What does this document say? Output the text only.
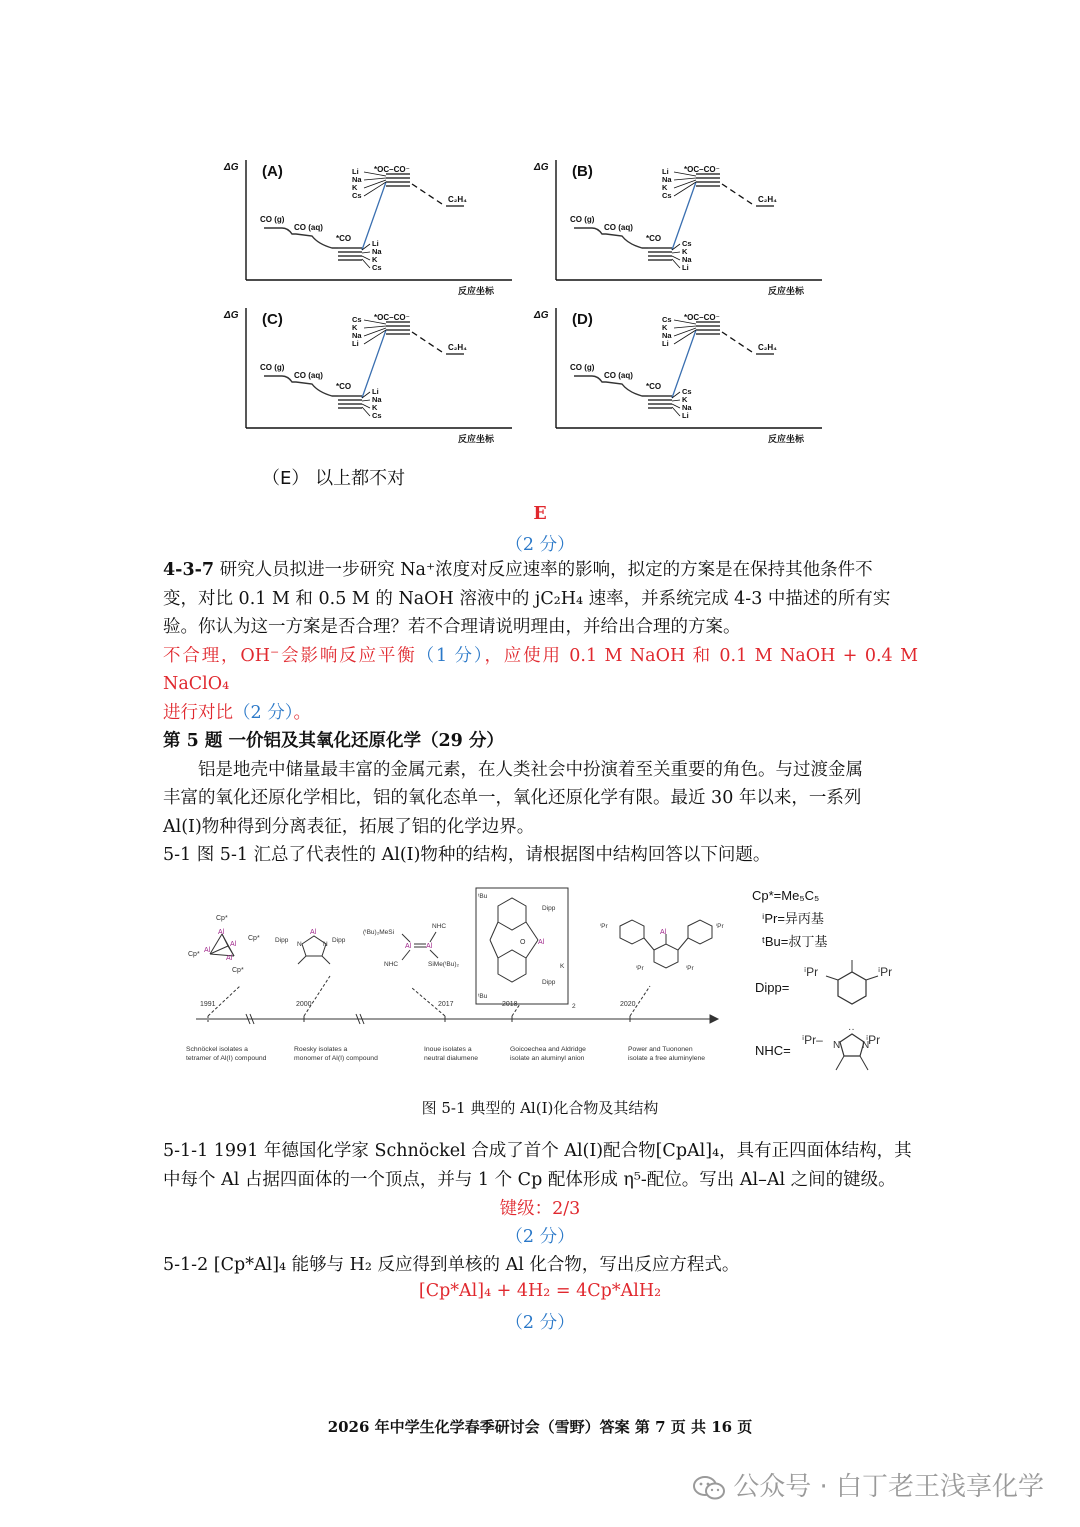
ΔG (A)
CO (g)
CO (aq)
*CO
*OC–CO⁻
C₂H₄
反应坐标
Li
Na
K
Cs
Li
Na
K
Cs
ΔG (B)
CO (g)
CO (aq)
*CO
*OC–CO⁻
C₂H₄
反应坐标
Li
Na
K
Cs
Cs
K
Na
Li
ΔG (C)
CO (g)
CO (aq)
*CO
*OC–CO⁻
C₂H₄
反应坐标
Cs
K
Na
Li
Li
Na
K
Cs
ΔG (D)
CO (g)
CO (aq)
*CO
*OC–CO⁻
C₂H₄
反应坐标
Cs
K
Na
Li
Cs
K
Na
Li
（E） 以上都不对
E
（2 分）
4-3-7 研究人员拟进一步研究 Na⁺浓度对反应速率的影响，拟定的方案是在保持其他条件不
变，对比 0.1 M 和 0.5 M 的 NaOH 溶液中的 jC₂H₄ 速率，并系统完成 4-3 中描述的所有实
验。你认为这一方案是否合理？若不合理请说明理由，并给出合理的方案。
不合理，OH⁻会影响反应平衡（1 分），应使用 0.1 M NaOH 和 0.1 M NaOH + 0.4 M NaClO₄
进行对比（2 分）。
第 5 题 一价铝及其氧化还原化学（29 分）
铝是地壳中储量最丰富的金属元素，在人类社会中扮演着至关重要的角色。与过渡金属
丰富的氧化还原化学相比，铝的氧化态单一，氧化还原化学有限。最近 30 年以来，一系列
Al(I)物种得到分离表征，拓展了铝的化学边界。
5-1 图 5-1 汇总了代表性的 Al(I)物种的结构，请根据图中结构回答以下问题。
Cp*
Cp*
Cp*
Cp*
Al
Al
Al
Al
Al
Dipp	Dipp
N	N	Al Al
(ᵗBu)₂MeSi
NHC
NHC	SiMe(ᵗBu)₂
O Al
ᵗBu
ᵗBu
Dipp
Dipp
K
2
Al
ⁱPr	ⁱPr
ⁱPr	ⁱPr
1991	2000	2017	2018	2020
Schnöckel isolates a
tetramer of Al(I) compound
Roesky isolates a
monomer of Al(I) compound
Inoue isolates a
neutral dialumene
Goicoechea and Aldridge
isolate an aluminyl anion
Power and Tuononen
isolate a free aluminylene
Cp*=Me₅C₅
ⁱPr=异丙基
ᵗBu=叔丁基
Dipp=
NHC=
ⁱPr	ⁱPr
ⁱPr–	ⁱPr
N N
··
图 5-1 典型的 Al(I)化合物及其结构
5-1-1 1991 年德国化学家 Schnöckel 合成了首个 Al(I)配合物[CpAl]₄，具有正四面体结构，其
中每个 Al 占据四面体的一个顶点，并与 1 个 Cp 配体形成 η⁵-配位。写出 Al–Al 之间的键级。
键级：2/3
（2 分）
5-1-2 [Cp*Al]₄ 能够与 H₂ 反应得到单核的 Al 化合物，写出反应方程式。
[Cp*Al]₄ + 4H₂ = 4Cp*AlH₂
（2 分）
2026 年中学生化学春季研讨会（雪野）答案 第 7 页 共 16 页
公众号 · 白丁老王浅享化学
